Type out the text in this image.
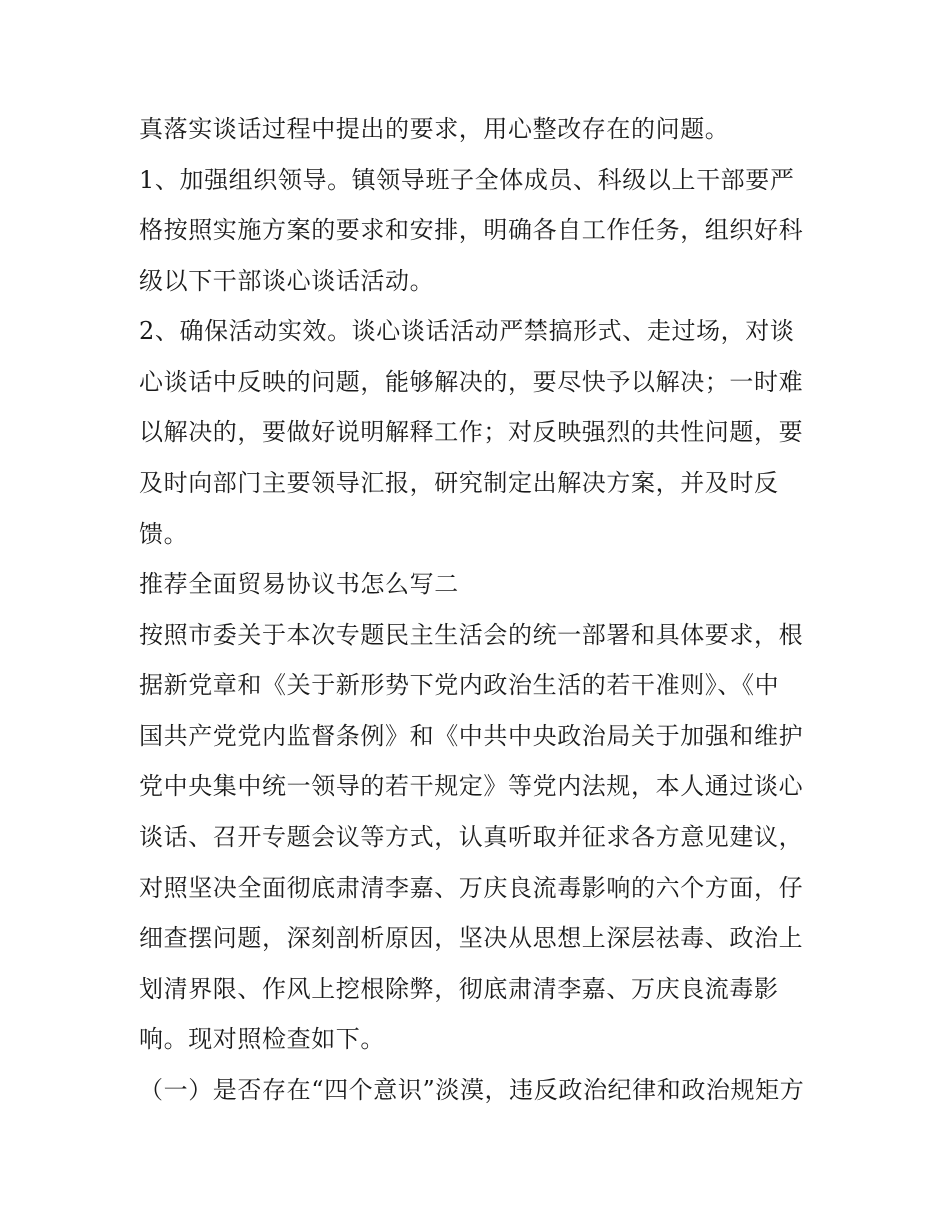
真落实谈话过程中提出的要求，用心整改存在的问题。
1、加强组织领导。镇领导班子全体成员、科级以上干部要严
格按照实施方案的要求和安排，明确各自工作任务，组织好科
级以下干部谈心谈话活动。
2、确保活动实效。谈心谈话活动严禁搞形式、走过场，对谈
心谈话中反映的问题，能够解决的，要尽快予以解决；一时难
以解决的，要做好说明解释工作；对反映强烈的共性问题，要
及时向部门主要领导汇报，研究制定出解决方案，并及时反
馈。
推荐全面贸易协议书怎么写二
按照市委关于本次专题民主生活会的统一部署和具体要求，根
据新党章和《关于新形势下党内政治生活的若干准则》、《中
国共产党党内监督条例》和《中共中央政治局关于加强和维护
党中央集中统一领导的若干规定》等党内法规，本人通过谈心
谈话、召开专题会议等方式，认真听取并征求各方意见建议，
对照坚决全面彻底肃清李嘉、万庆良流毒影响的六个方面，仔
细查摆问题，深刻剖析原因，坚决从思想上深层祛毒、政治上
划清界限、作风上挖根除弊，彻底肃清李嘉、万庆良流毒影
响。现对照检查如下。
（一）是否存在“四个意识”淡漠，违反政治纪律和政治规矩方
